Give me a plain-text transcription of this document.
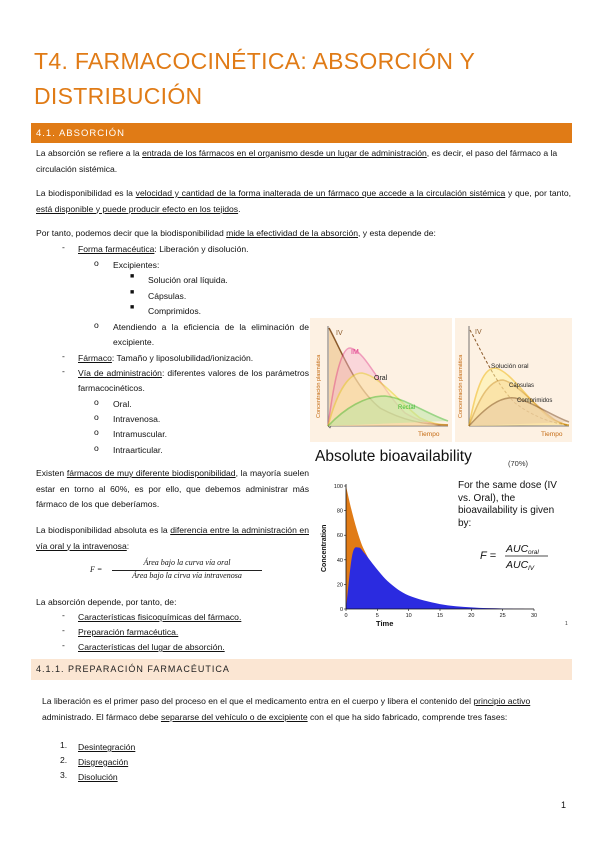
T4. FARMACOCINÉTICA: ABSORCIÓN Y DISTRIBUCIÓN
4.1. ABSORCIÓN
La absorción se refiere a la entrada de los fármacos en el organismo desde un lugar de administración, es decir, el paso del fármaco a la circulación sistémica.
La biodisponibilidad es la velocidad y cantidad de la forma inalterada de un fármaco que accede a la circulación sistémica y que, por tanto, está disponible y puede producir efecto en los tejidos.
Por tanto, podemos decir que la biodisponibilidad mide la efectividad de la absorción, y esta depende de:
- Forma farmacéutica: Liberación y disolución.
o Excipientes:
■ Solución oral líquida.
■ Cápsulas.
■ Comprimidos.
o Atendiendo a la eficiencia de la eliminación de excipiente.
- Fármaco: Tamaño y liposolubilidad/ionización.
- Vía de administración: diferentes valores de los parámetros farmacocinéticos.
o Oral.
o Intravenosa.
o Intramuscular.
o Intraarticular.
Existen fármacos de muy diferente biodisponibilidad, la mayoría suelen estar en torno al 60%, es por ello, que debemos administrar más fármaco de los que deberíamos.
La biodisponibilidad absoluta es la diferencia entre la administración en vía oral y la intravenosa:
F =
Área bajo la curva vía oral
Área bajo la cirva vía intravenosa
La absorción depende, por tanto, de:
- Características fisicoquímicas del fármaco.
- Preparación farmacéutica.
- Características del lugar de absorción.
4.1.1. PREPARACIÓN FARMACÉUTICA
La liberación es el primer paso del proceso en el que el medicamento entra en el cuerpo y libera el contenido del principio activo administrado. El fármaco debe separarse del vehículo o de excipiente con el que ha sido fabricado, comprende tres fases:
1. Desintegración
2. Disgregación
3. Disolución
1
IV
IM
Oral
Rectal
Tiempo
Concentración plasmática
IV
Solución oral
Cápsulas
Comprimidos
Tiempo
Concentración plasmática
Absolute bioavailability	(70%)
0	5	10	15	20	25	30
0
20
40
60
80
100
Time
Concentration
For the same dose (IV vs. Oral), the bioavailability is given by:
F =
AUC oral
AUC IV
1
